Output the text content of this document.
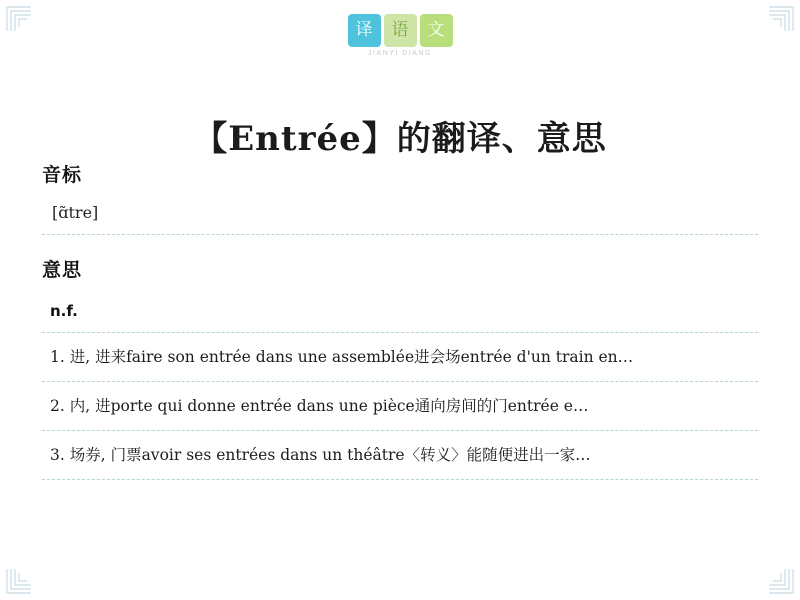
译	语	文
JIANYI DIANG
【Entrée】的翻译、意思
音标
[ɑ̃tre]
意思
n.f.
1. 进, 进来faire son entrée dans une assemblée进会场entrée d'un train en…
2. 内, 进porte qui donne entrée dans une pièce通向房间的门entrée e…
3. 场券, 门票avoir ses entrées dans un théâtre〈转义〉能随便进出一家…
